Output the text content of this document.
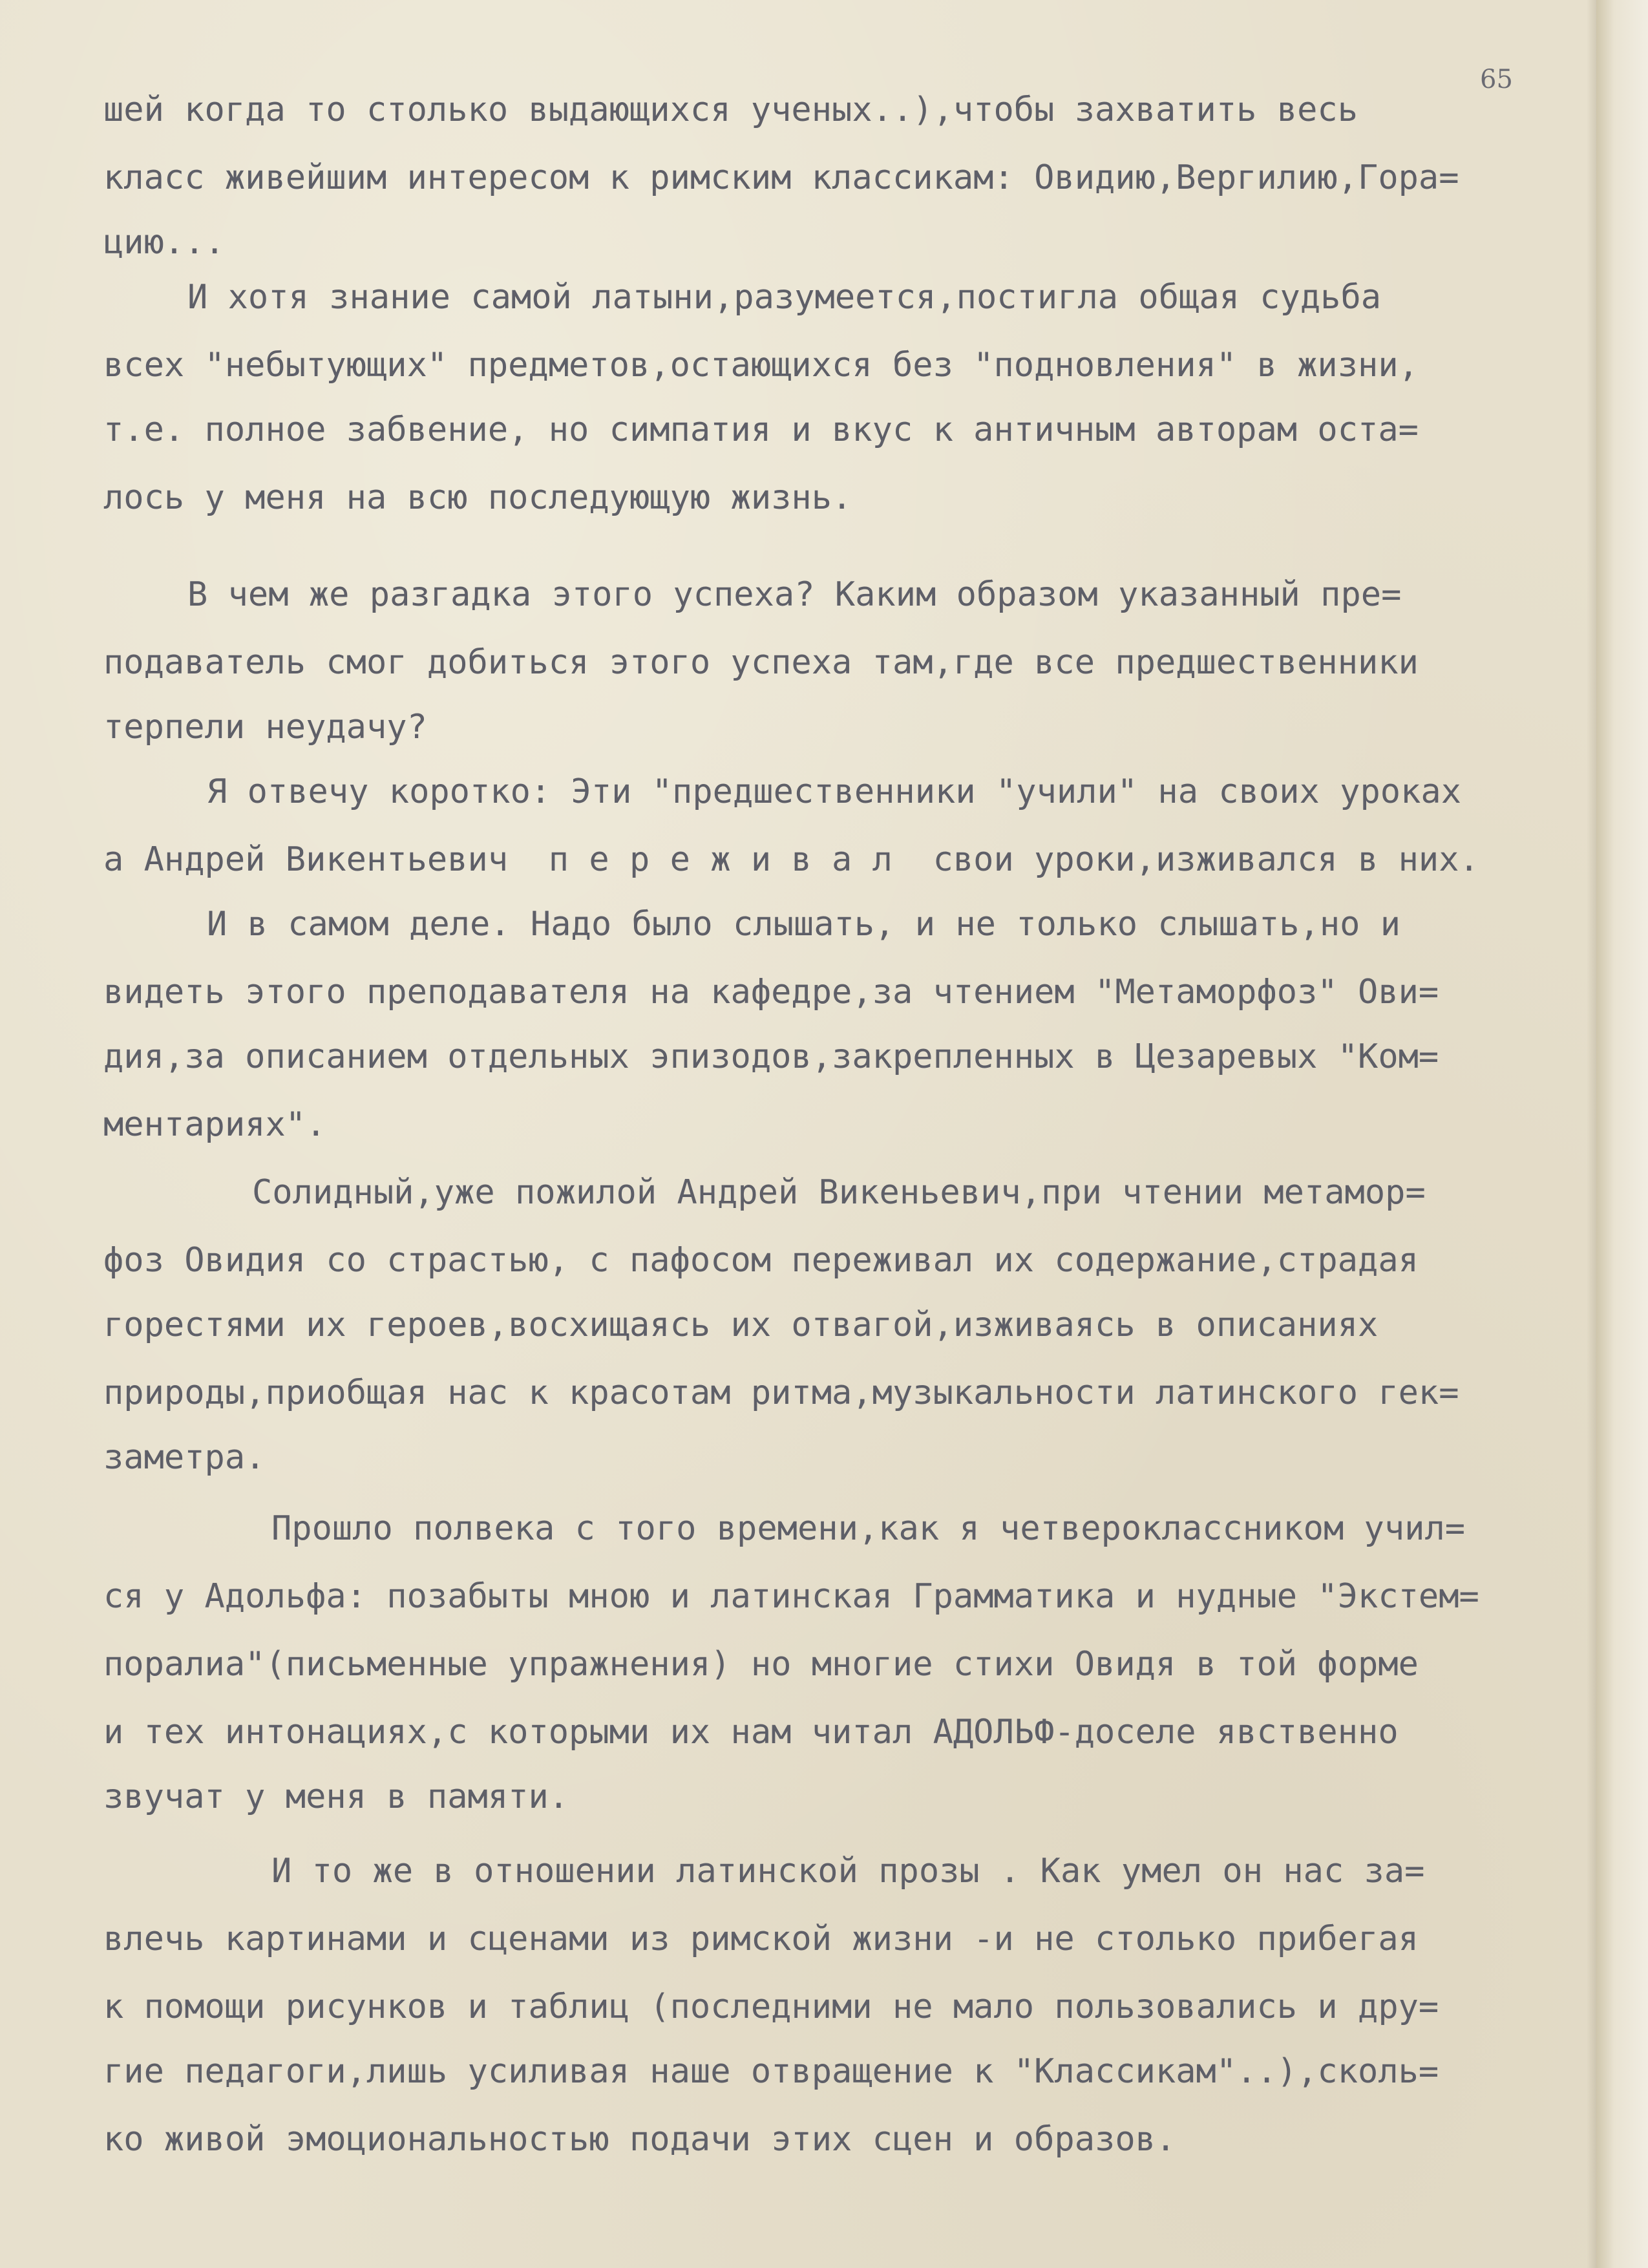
65
шей когда то столько выдающихся ученых..),чтобы захватить весь
класс живейшим интересом к римским классикам: Овидию,Вергилию,Гора=
цию...
И хотя знание самой латыни,разумеется,постигла общая судьба
всех "небытующих" предметов,остающихся без "подновления" в жизни,
т.е. полное забвение, но симпатия и вкус к античным авторам оста=
лось у меня на всю последующую жизнь.
В чем же разгадка этого успеха? Каким образом указанный пре=
подаватель смог добиться этого успеха там,где все предшественники
терпели неудачу?
Я отвечу коротко: Эти "предшественники "учили" на своих уроках
а Андрей Викентьевич  п е р е ж и в а л  свои уроки,изживался в них.
И в самом деле. Надо было слышать, и не только слышать,но и
видеть этого преподавателя на кафедре,за чтением "Метаморфоз" Ови=
дия,за описанием отдельных эпизодов,закрепленных в Цезаревых "Ком=
ментариях".
Солидный,уже пожилой Андрей Викеньевич,при чтении метамор=
фоз Овидия со страстью, с пафосом переживал их содержание,страдая
горестями их героев,восхищаясь их отвагой,изживаясь в описаниях
природы,приобщая нас к красотам ритма,музыкальности латинского гек=
заметра.
Прошло полвека с того времени,как я четвероклассником учил=
ся у Адольфа: позабыты мною и латинская Грамматика и нудные "Экстем=
поралиа"(письменные упражнения) но многие стихи Овидя в той форме
и тех интонациях,с которыми их нам читал АДОЛЬФ-доселе явственно
звучат у меня в памяти.
И то же в отношении латинской прозы . Как умел он нас за=
влечь картинами и сценами из римской жизни -и не столько прибегая
к помощи рисунков и таблиц (последними не мало пользовались и дру=
гие педагоги,лишь усиливая наше отвращение к "Классикам"..),сколь=
ко живой эмоциональностью подачи этих сцен и образов.
